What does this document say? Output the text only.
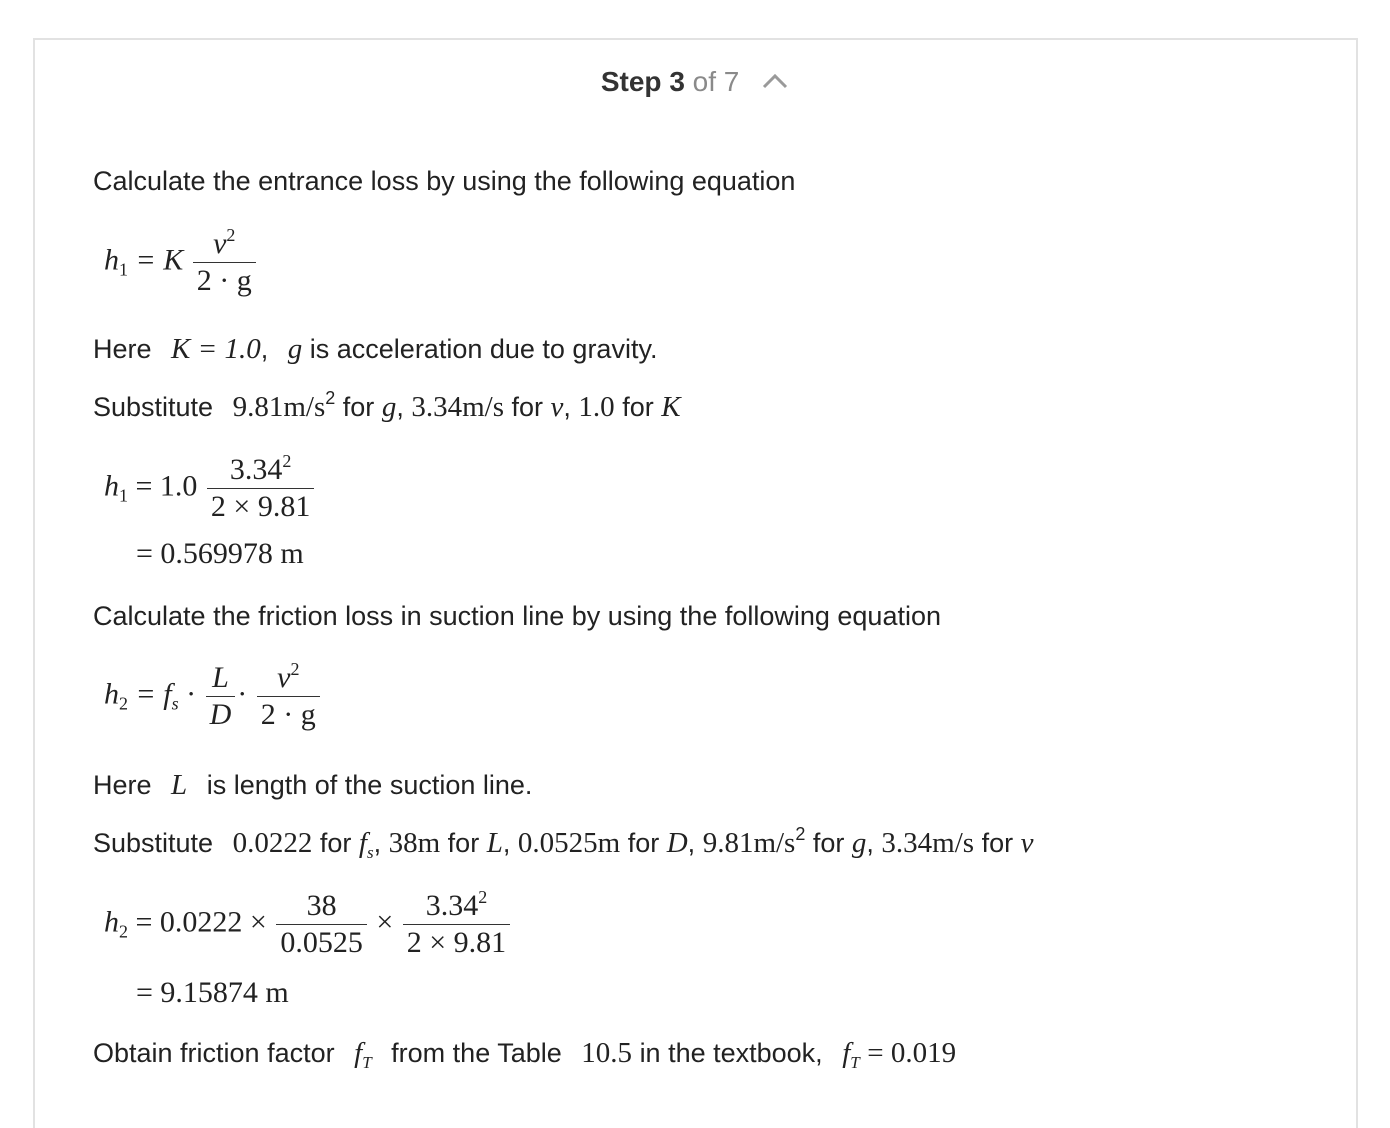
Step 3 of 7
Calculate the entrance loss by using the following equation
$h_1 = K \frac{v^2}{2 \cdot g}$
Here K = 1.0, g is acceleration due to gravity.
Substitute $9.81m/s^2$ for g, 3.34m/s for v, 1.0 for K
$h_1 = 1.0 \frac{3.34^2}{2 \times 9.81}$
= 0.569978 m
Calculate the friction loss in suction line by using the following equation
$h_2 = f_s \cdot \frac{L}{D} \cdot \frac{v^2}{2 \cdot g}$
Here L is length of the suction line.
Substitute 0.0222 for $f_s$, 38m for L, 0.0525m for D, $9.81m/s^2$ for g, 3.34m/s for v
$h_2 = 0.0222 \times \frac{38}{0.0525} \times \frac{3.34^2}{2 \times 9.81}$
= 9.15874 m
Obtain friction factor $f_T$ from the Table 10.5 in the textbook, $f_T = 0.019$
